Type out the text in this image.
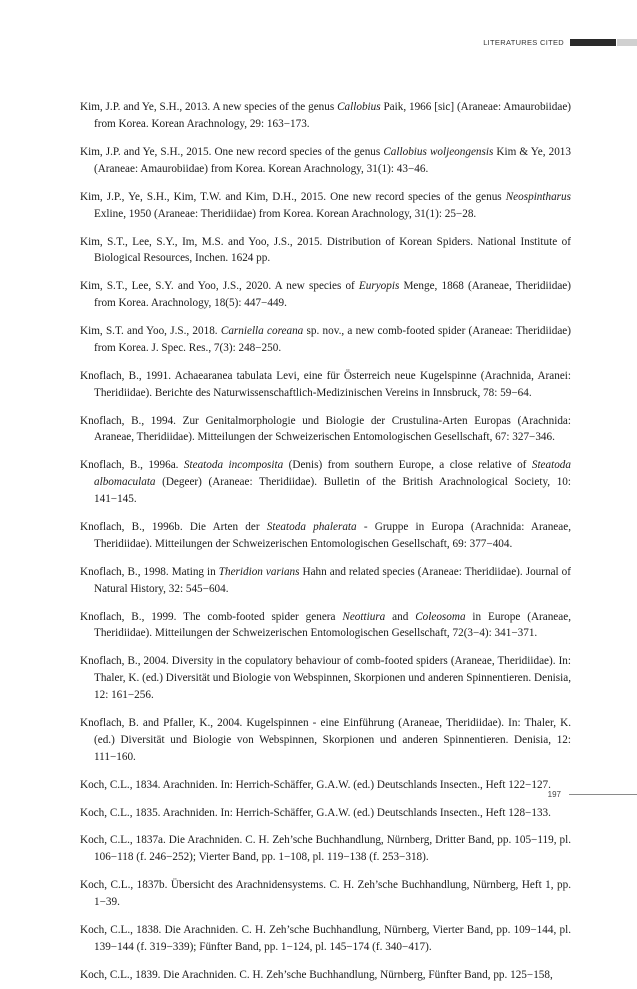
LITERATURES CITED

Kim, J.P. and Ye, S.H., 2013. A new species of the genus Callobius Paik, 1966 [sic] (Araneae: Amaurobiidae) from Korea. Korean Arachnology, 29: 163−173.

Kim, J.P. and Ye, S.H., 2015. One new record species of the genus Callobius woljeongensis Kim & Ye, 2013 (Araneae: Amaurobiidae) from Korea. Korean Arachnology, 31(1): 43−46.

Kim, J.P., Ye, S.H., Kim, T.W. and Kim, D.H., 2015. One new record species of the genus Neospintharus Exline, 1950 (Araneae: Theridiidae) from Korea. Korean Arachnology, 31(1): 25−28.

Kim, S.T., Lee, S.Y., Im, M.S. and Yoo, J.S., 2015. Distribution of Korean Spiders. National Institute of Biological Resources, Inchen. 1624 pp.

Kim, S.T., Lee, S.Y. and Yoo, J.S., 2020. A new species of Euryopis Menge, 1868 (Araneae, Theridiidae) from Korea. Arachnology, 18(5): 447−449.

Kim, S.T. and Yoo, J.S., 2018. Carniella coreana sp. nov., a new comb-footed spider (Araneae: Theridiidae) from Korea. J. Spec. Res., 7(3): 248−250.

Knoflach, B., 1991. Achaearanea tabulata Levi, eine für Österreich neue Kugelspinne (Arachnida, Aranei: Theridiidae). Berichte des Naturwissenschaftlich-Medizinischen Vereins in Innsbruck, 78: 59−64.

Knoflach, B., 1994. Zur Genitalmorphologie und Biologie der Crustulina-Arten Europas (Arachnida: Araneae, Theridiidae). Mitteilungen der Schweizerischen Entomologischen Gesellschaft, 67: 327−346.

Knoflach, B., 1996a. Steatoda incomposita (Denis) from southern Europe, a close relative of Steatoda albomaculata (Degeer) (Araneae: Theridiidae). Bulletin of the British Arachnological Society, 10: 141−145.

Knoflach, B., 1996b. Die Arten der Steatoda phalerata - Gruppe in Europa (Arachnida: Araneae, Theridiidae). Mitteilungen der Schweizerischen Entomologischen Gesellschaft, 69: 377−404.

Knoflach, B., 1998. Mating in Theridion varians Hahn and related species (Araneae: Theridiidae). Journal of Natural History, 32: 545−604.

Knoflach, B., 1999. The comb-footed spider genera Neottiura and Coleosoma in Europe (Araneae, Theridiidae). Mitteilungen der Schweizerischen Entomologischen Gesellschaft, 72(3−4): 341−371.

Knoflach, B., 2004. Diversity in the copulatory behaviour of comb-footed spiders (Araneae, Theridiidae). In: Thaler, K. (ed.) Diversität und Biologie von Webspinnen, Skorpionen und anderen Spinnentieren. Denisia, 12: 161−256.

Knoflach, B. and Pfaller, K., 2004. Kugelspinnen - eine Einführung (Araneae, Theridiidae). In: Thaler, K. (ed.) Diversität und Biologie von Webspinnen, Skorpionen und anderen Spinnentieren. Denisia, 12: 111−160.

Koch, C.L., 1834. Arachniden. In: Herrich-Schäffer, G.A.W. (ed.) Deutschlands Insecten., Heft 122−127.

Koch, C.L., 1835. Arachniden. In: Herrich-Schäffer, G.A.W. (ed.) Deutschlands Insecten., Heft 128−133.

Koch, C.L., 1837a. Die Arachniden. C. H. Zeh’sche Buchhandlung, Nürnberg, Dritter Band, pp. 105−119, pl. 106−118 (f. 246−252); Vierter Band, pp. 1−108, pl. 119−138 (f. 253−318).

Koch, C.L., 1837b. Übersicht des Arachnidensystems. C. H. Zeh’sche Buchhandlung, Nürnberg, Heft 1, pp. 1−39.

Koch, C.L., 1838. Die Arachniden. C. H. Zeh’sche Buchhandlung, Nürnberg, Vierter Band, pp. 109−144, pl. 139−144 (f. 319−339); Fünfter Band, pp. 1−124, pl. 145−174 (f. 340−417).

Koch, C.L., 1839. Die Arachniden. C. H. Zeh’sche Buchhandlung, Nürnberg, Fünfter Band, pp. 125−158,

197
